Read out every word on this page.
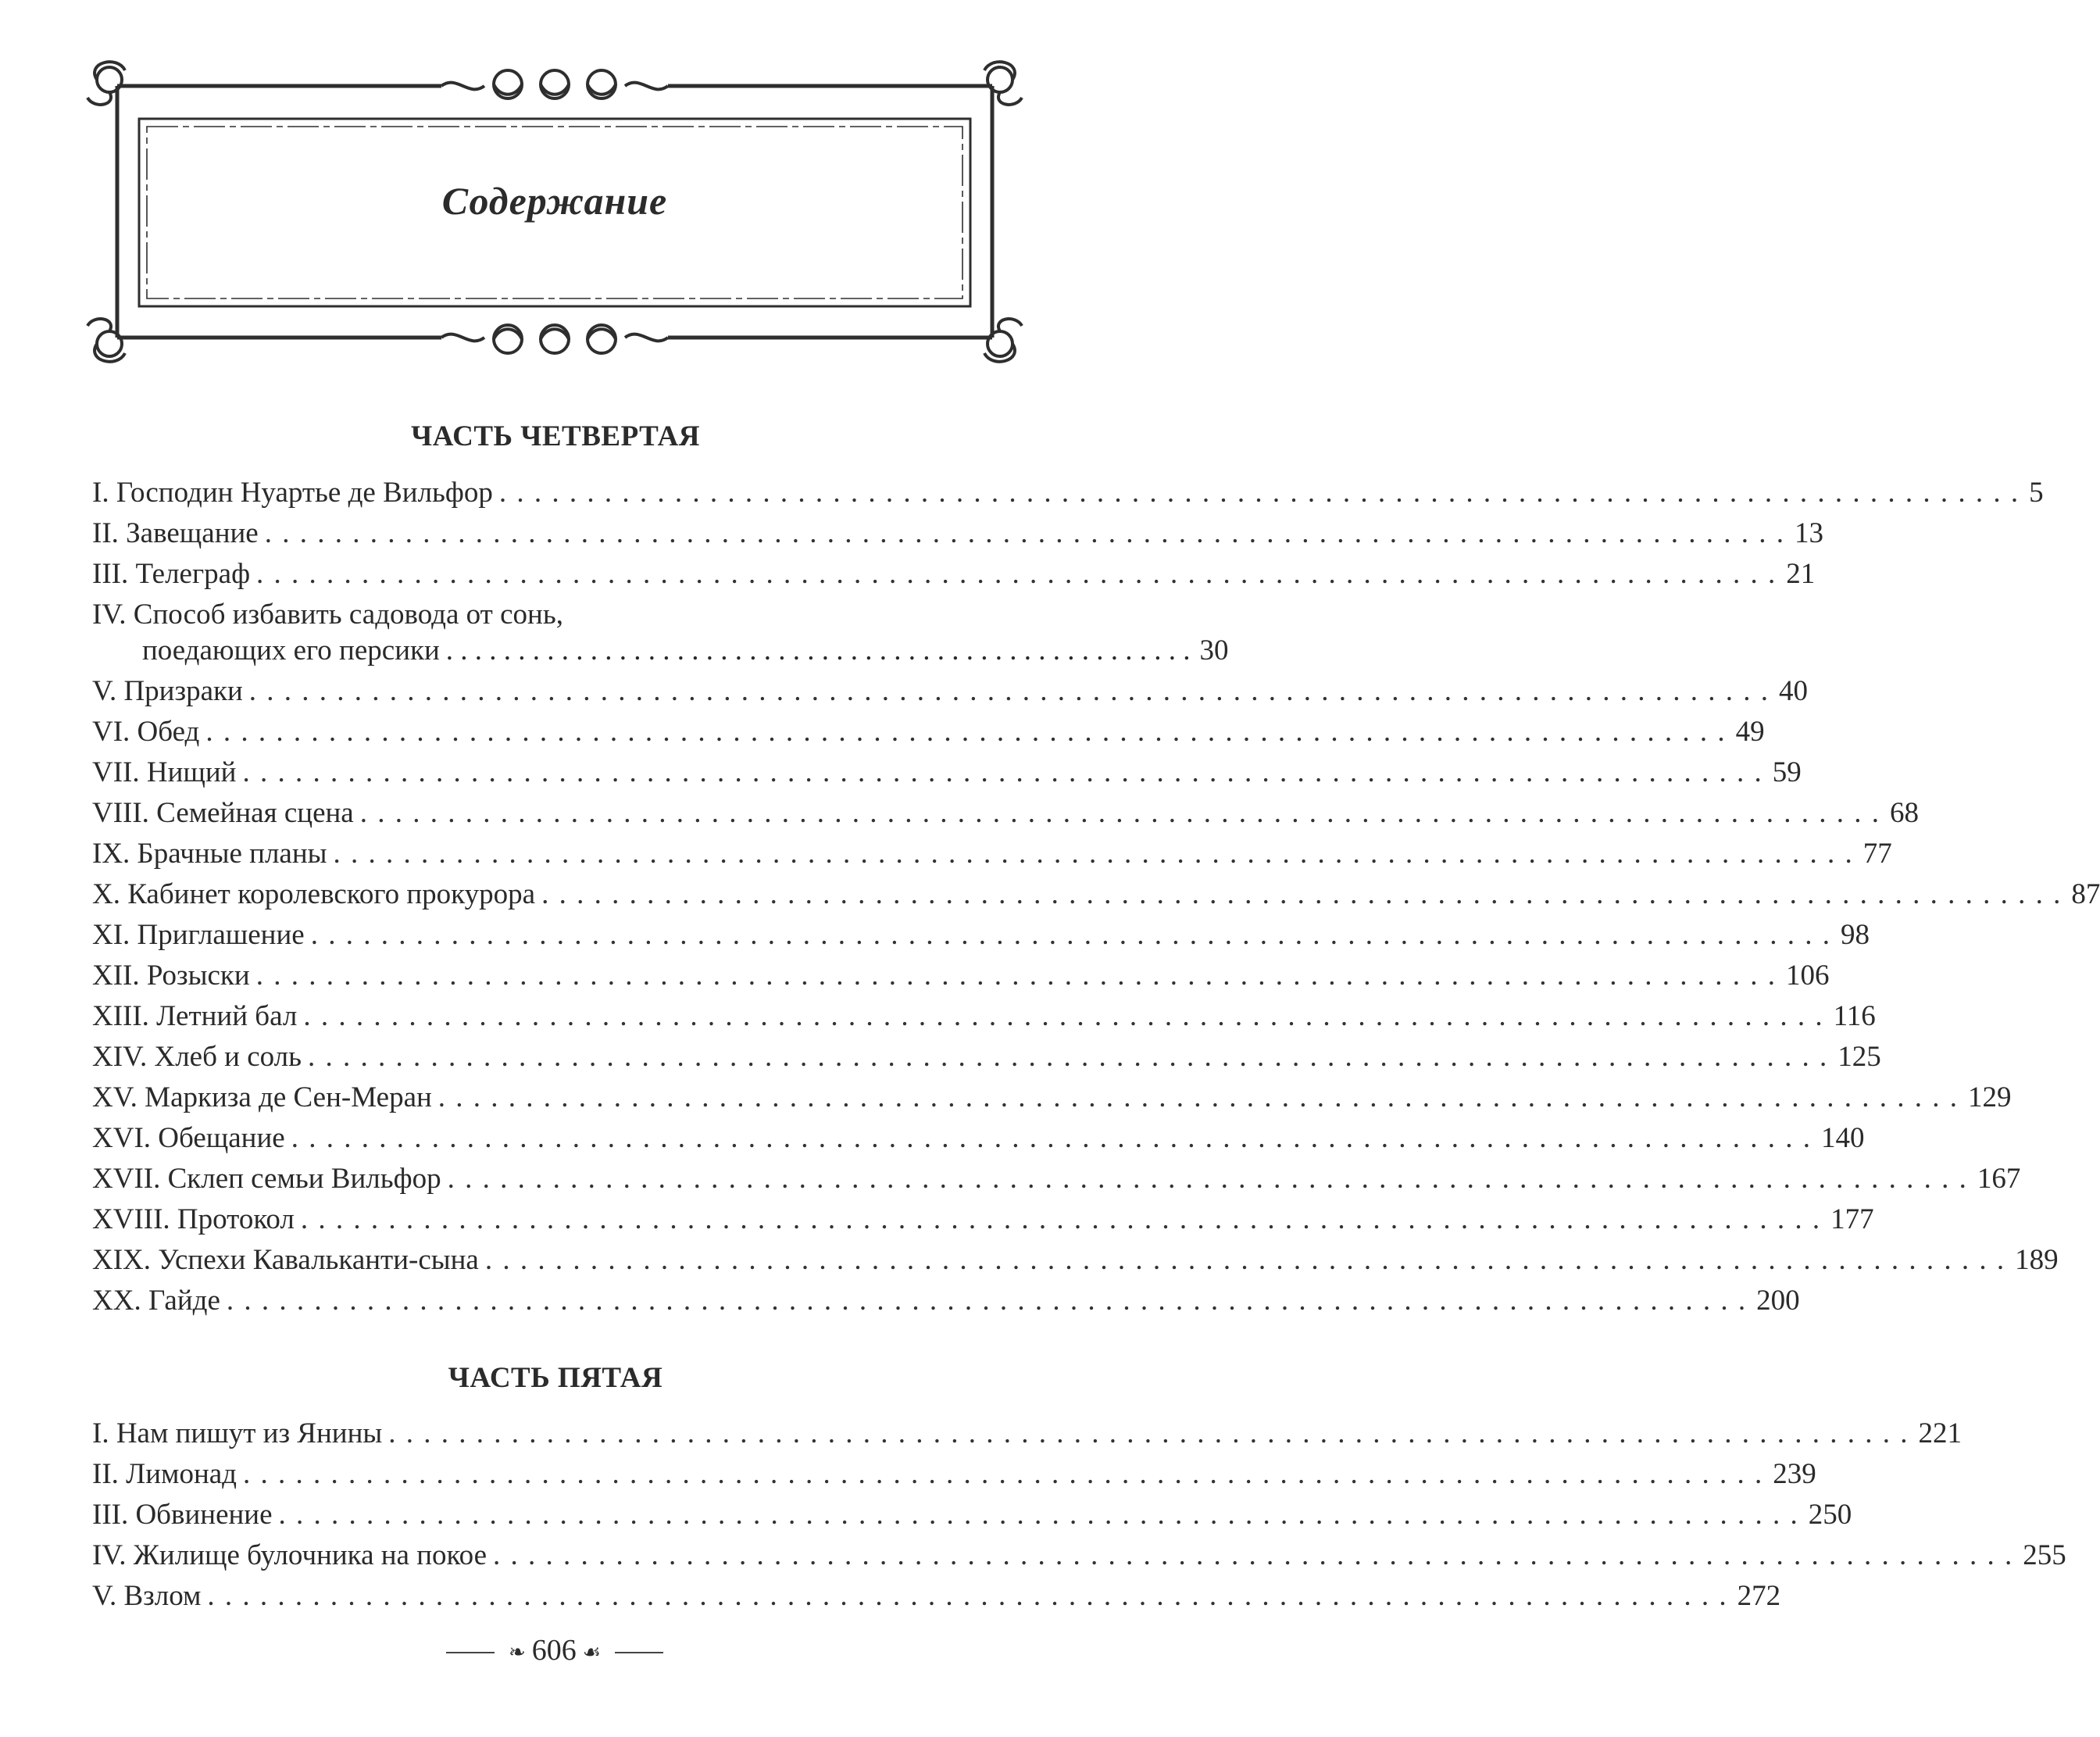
Содержание
ЧАСТЬ ЧЕТВЕРТАЯ
I. Господин Нуартье де Вильфор . . .	5
II. Завещание . . .	13
III. Телеграф . . .	21
IV. Способ избавить садовода от сонь,
поедающих его персики . . . . . . . . . . . . . . . . . . . . . . . . . . . . . . . . . . . . . . . . . . . . . . . . . . . . 30
V. Призраки . . .	40
VI. Обед . . .	49
VII. Нищий . . .	59
VIII. Семейная сцена . . .	68
IX. Брачные планы . . .	77
X. Кабинет королевского прокурора . . .	87
XI. Приглашение . . .	98
XII. Розыски . . .	106
XIII. Летний бал . . .	116
XIV. Хлеб и соль . . .	125
XV. Маркиза де Сен-Меран . . .	129
XVI. Обещание . . .	140
XVII. Склеп семьи Вильфор . . .	167
XVIII. Протокол . . .	177
XIX. Успехи Кавальканти-сына . . .	189
XX. Гайде . . .	200
ЧАСТЬ ПЯТАЯ
I. Нам пишут из Янины . . .	221
II. Лимонад . . .	239
III. Обвинение . . .	250
IV. Жилище булочника на покое . . .	255
V. Взлом . . .	272
❧ 606 ☙
